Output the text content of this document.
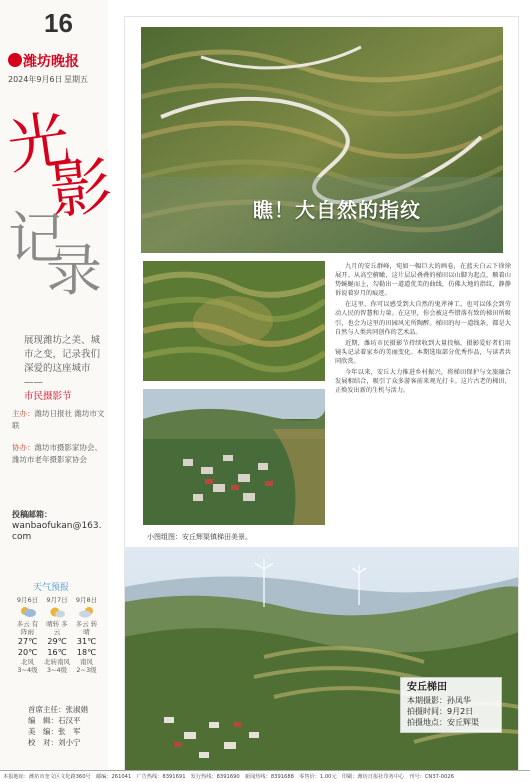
16
潍坊晚报
2024年9月6日 星期五
光
影
记
录
展现潍坊之美、城市之变，记录我们深爱的这座城市——
市民摄影节
主办：潍坊日报社 潍坊市文联
协办：潍坊市摄影家协会、潍坊市老年摄影家协会
投稿邮箱：
wanbaofukan@163.com
天气预报
9月6日
多云 有阵雨
27℃
20℃
北风 3~4级
9月7日
晴转 多云
29℃
16℃
北转南风 3~4级
9月8日
多云 转晴
31℃
18℃
南风 2~3级
首席主任：张淑娟
编　辑：石汉平
美　编：张　军
校　对：刘小宁
瞧！大自然的指纹
小图组图：安丘辉渠镇梯田美景。

九月的安丘群峰，宛如一幅巨大的画卷，在蓝天白云下徐徐展开。从高空俯瞰，这片层层叠叠的梯田以山脚为起点，顺着山势蜿蜒而上，勾勒出一道道优美的曲线，仿佛大地的指纹，静静诉说着岁月的痕迹。

在这里，你可以感受到大自然的鬼斧神工，也可以体会到劳动人民的智慧和力量。在这里，你会被这些错落有致的梯田所吸引，也会为这里的田园风光所陶醉。梯田的每一道线条，都是大自然与人类共同创作的艺术品。

近期，潍坊市民摄影节持续收到大量投稿，摄影爱好者们用镜头记录着家乡的美丽变化。本期选取部分优秀作品，与读者共同欣赏。

今年以来，安丘大力推进乡村振兴，将梯田保护与文旅融合发展相结合，吸引了众多游客前来观光打卡。这片古老的梯田，正焕发出新的生机与活力。

安丘梯田
本期摄影：孙凤华
拍摄时间：9月2日
拍摄地点：安丘辉渠
本报地址：潍坊市奎文区文化路360号　邮编：261041　广告热线：8391691　发行热线：8391690　新闻热线：8391688　零售价：1.00元　印刷：潍坊日报社印务中心　刊号：CN37-0026
